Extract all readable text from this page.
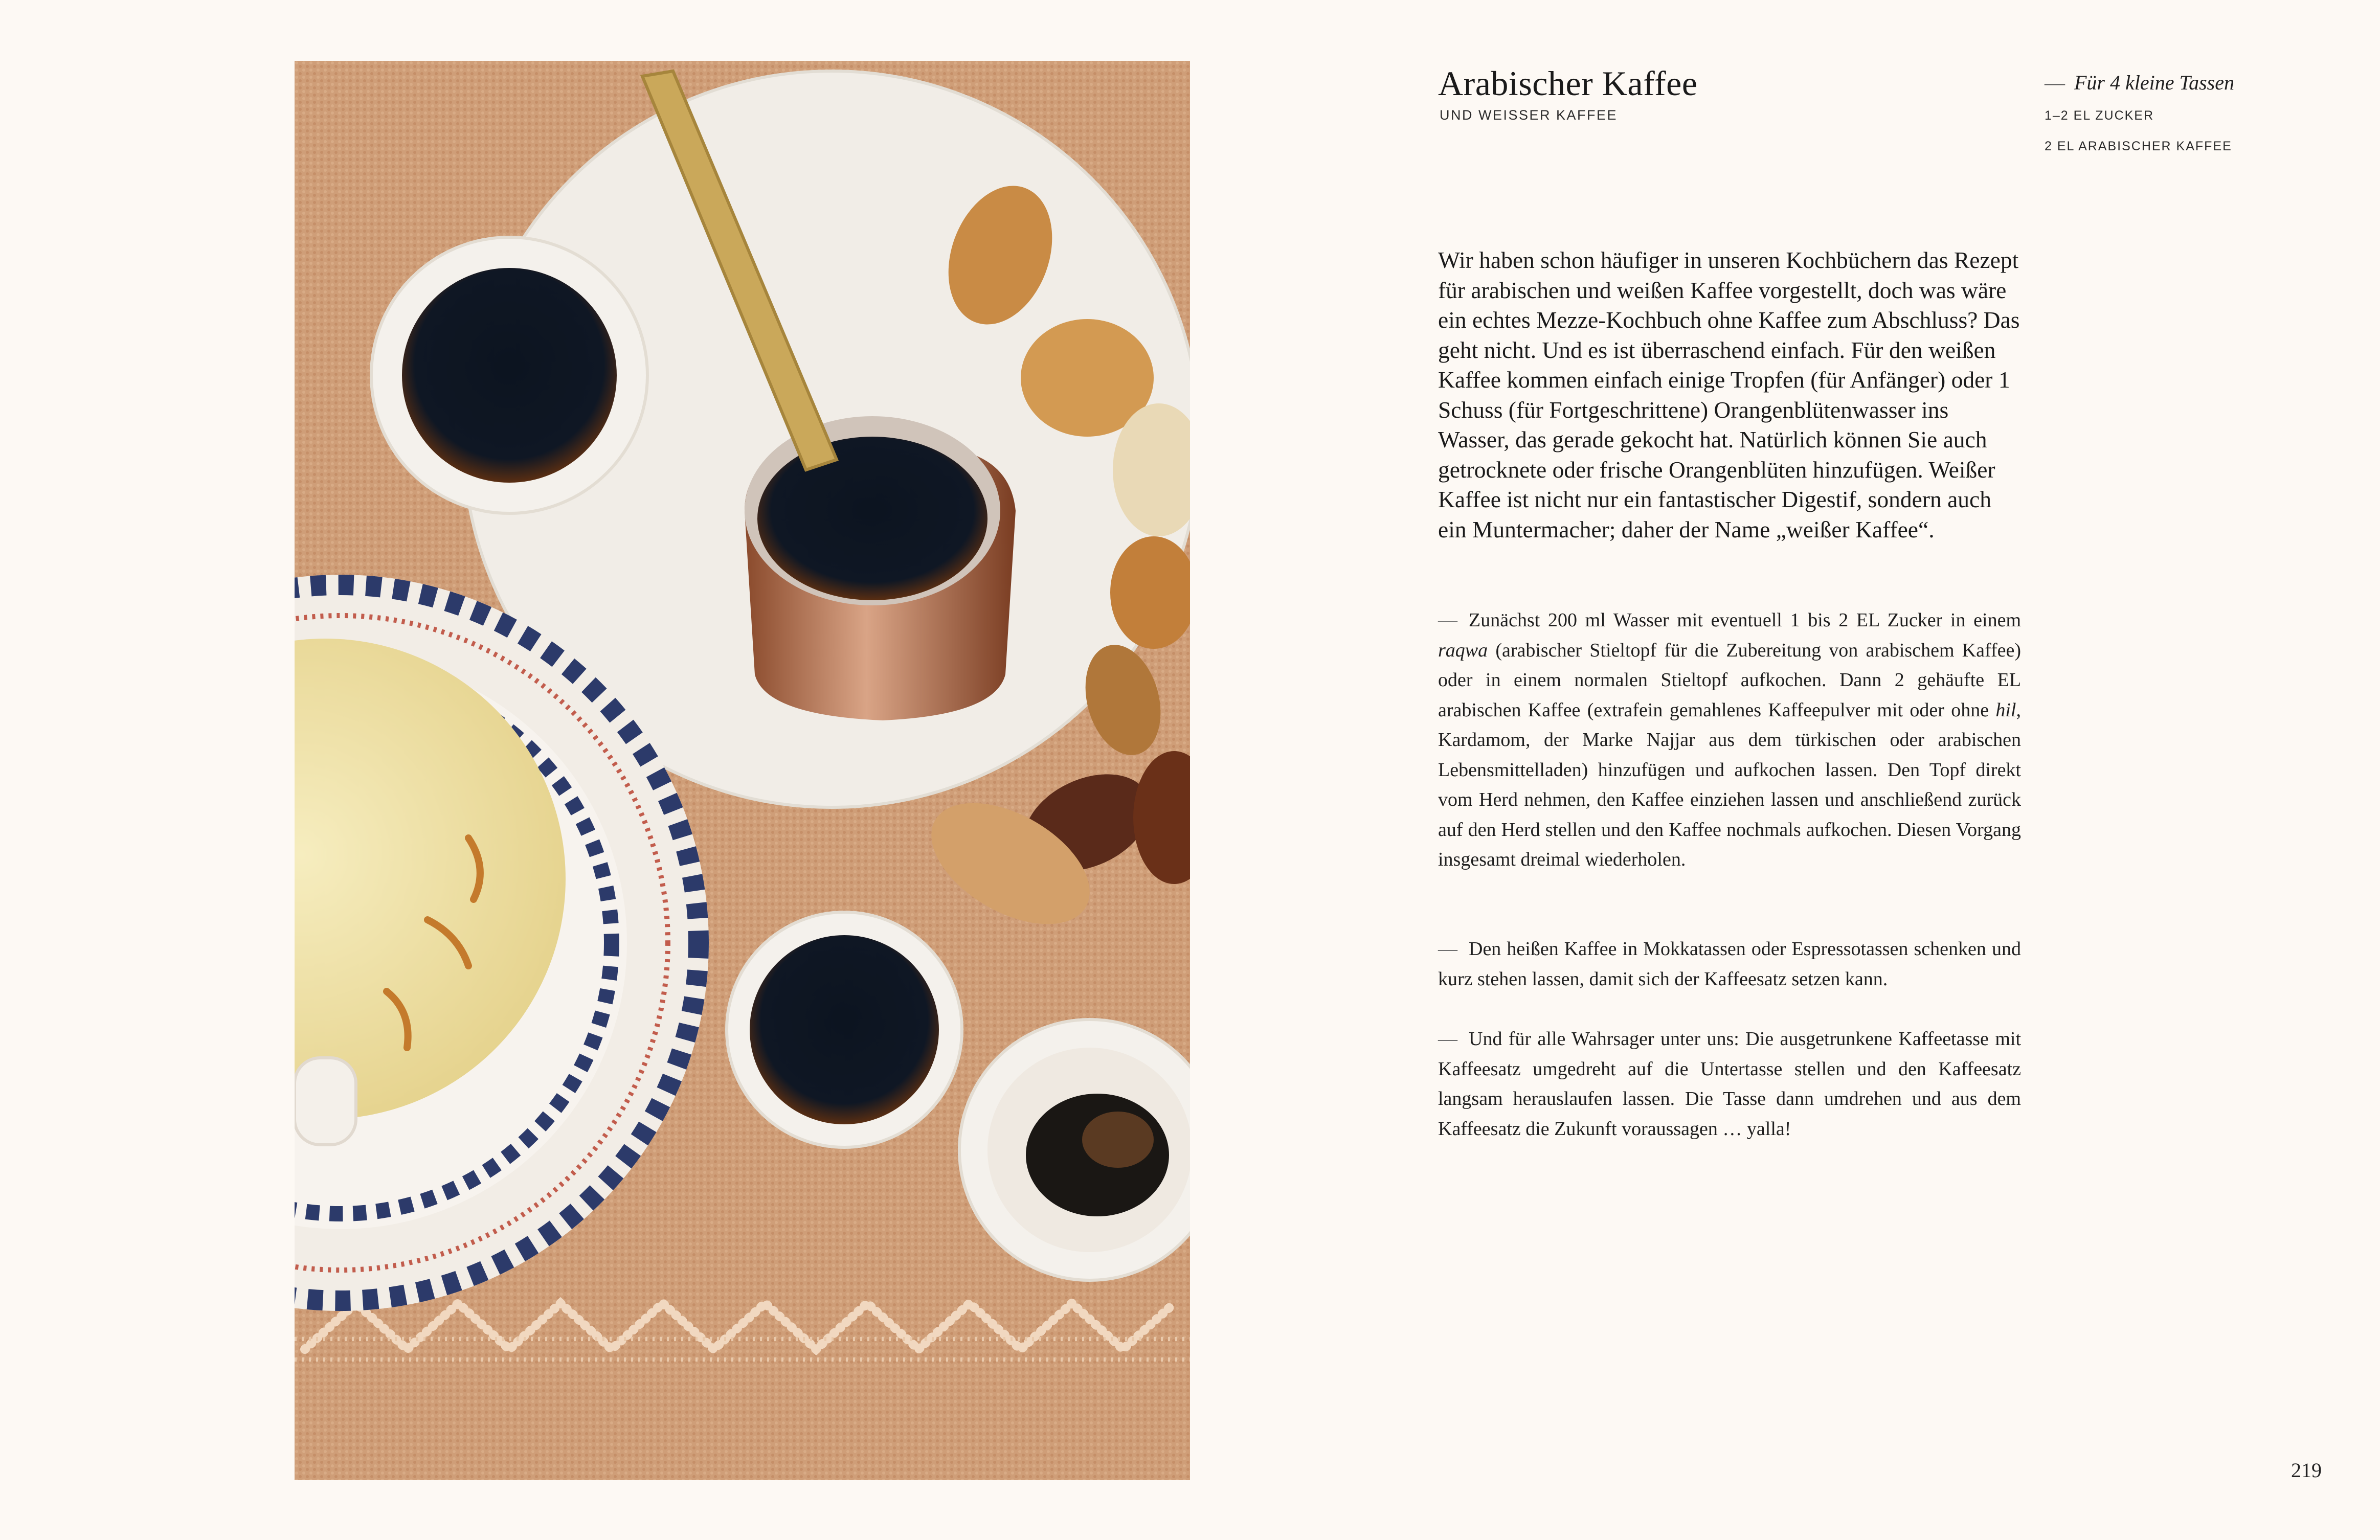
Arabischer Kaffee
UND WEISSER KAFFEE
— Für 4 kleine Tassen
1–2 EL ZUCKER
2 EL ARABISCHER KAFFEE

Wir haben schon häufiger in unseren Kochbüchern das Rezept für arabischen und weißen Kaffee vorgestellt, doch was wäre ein echtes Mezze-Kochbuch ohne Kaffee zum Abschluss? Das geht nicht. Und es ist überraschend einfach. Für den weißen Kaffee kommen einfach einige Tropfen (für Anfänger) oder 1 Schuss (für Fortgeschrittene) Orangenblütenwasser ins Wasser, das gerade gekocht hat. Natürlich können Sie auch getrocknete oder frische Orangenblüten hinzufügen. Weißer Kaffee ist nicht nur ein fantastischer Digestif, sondern auch ein Muntermacher; daher der Name „weißer Kaffee“.

— Zunächst 200 ml Wasser mit eventuell 1 bis 2 EL Zucker in einem raqwa (arabischer Stieltopf für die Zubereitung von arabischem Kaffee) oder in einem normalen Stieltopf aufkochen. Dann 2 gehäufte EL arabischen Kaffee (extrafein gemahlenes Kaffeepulver mit oder ohne hil, Kardamom, der Marke Najjar aus dem türkischen oder arabischen Lebensmittelladen) hinzufügen und aufkochen lassen. Den Topf direkt vom Herd nehmen, den Kaffee einziehen lassen und anschließend zurück auf den Herd stellen und den Kaffee nochmals aufkochen. Diesen Vorgang insgesamt dreimal wiederholen.

— Den heißen Kaffee in Mokkatassen oder Espressotassen schenken und kurz stehen lassen, damit sich der Kaffeesatz setzen kann.

— Und für alle Wahrsager unter uns: Die ausgetrunkene Kaffeetasse mit Kaffeesatz umgedreht auf die Untertasse stellen und den Kaffeesatz langsam herauslaufen lassen. Die Tasse dann umdrehen und aus dem Kaffeesatz die Zukunft voraussagen … yalla!

219
